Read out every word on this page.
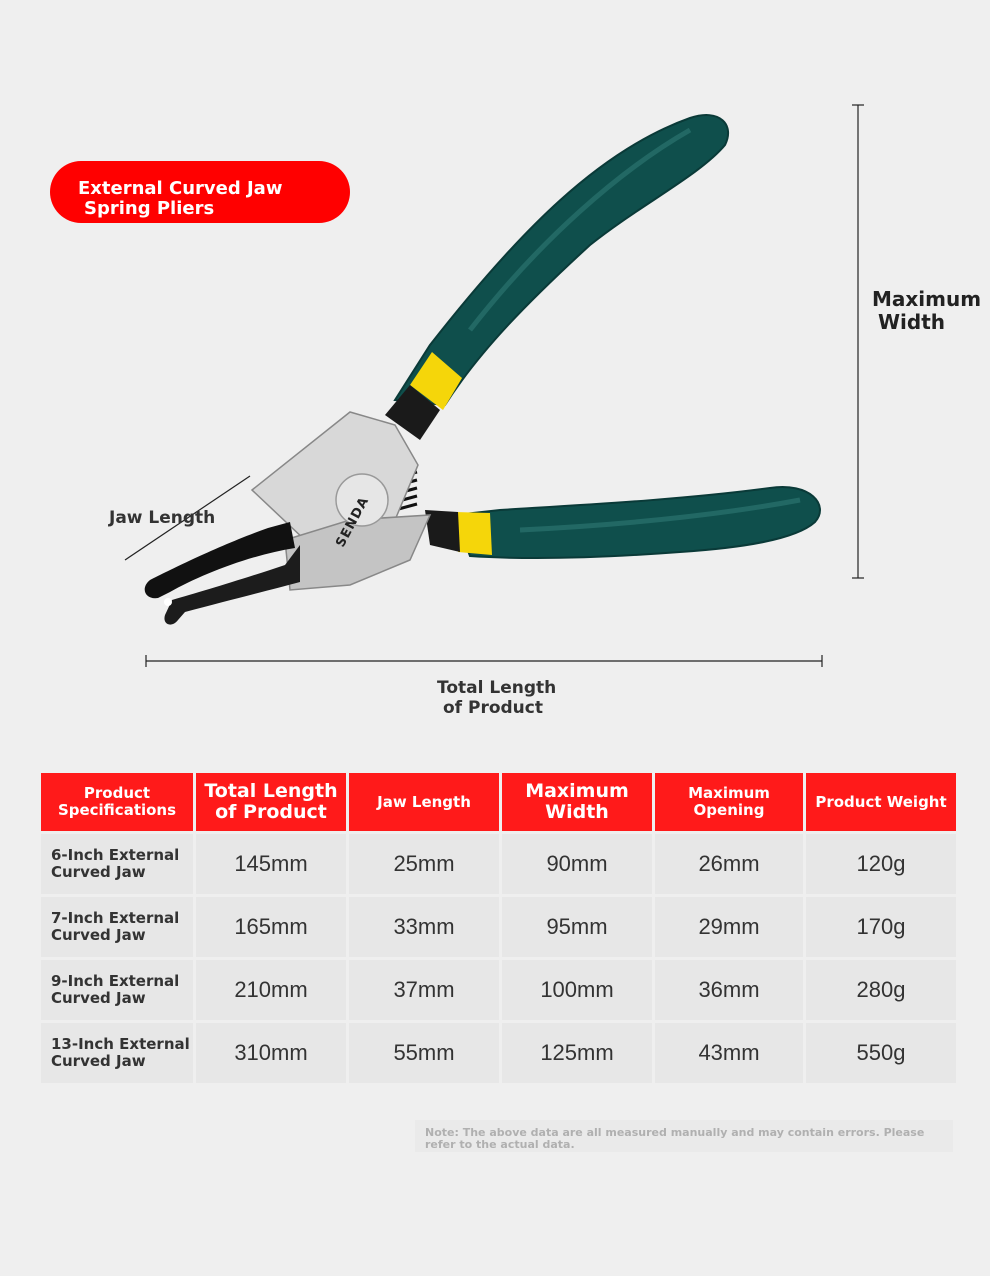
External Curved Jaw
Spring Pliers
SENDA
Jaw Length
Maximum
Width
Total Length
of Product
Product Specifications	Total Length of Product	Jaw Length	Maximum Width	Maximum Opening	Product Weight
6-Inch External Curved Jaw	145mm	25mm	90mm	26mm	120g
7-Inch External Curved Jaw	165mm	33mm	95mm	29mm	170g
9-Inch External Curved Jaw	210mm	37mm	100mm	36mm	280g
13-Inch External Curved Jaw	310mm	55mm	125mm	43mm	550g
Note: The above data are all measured manually and may contain errors. Please refer to the actual data.
